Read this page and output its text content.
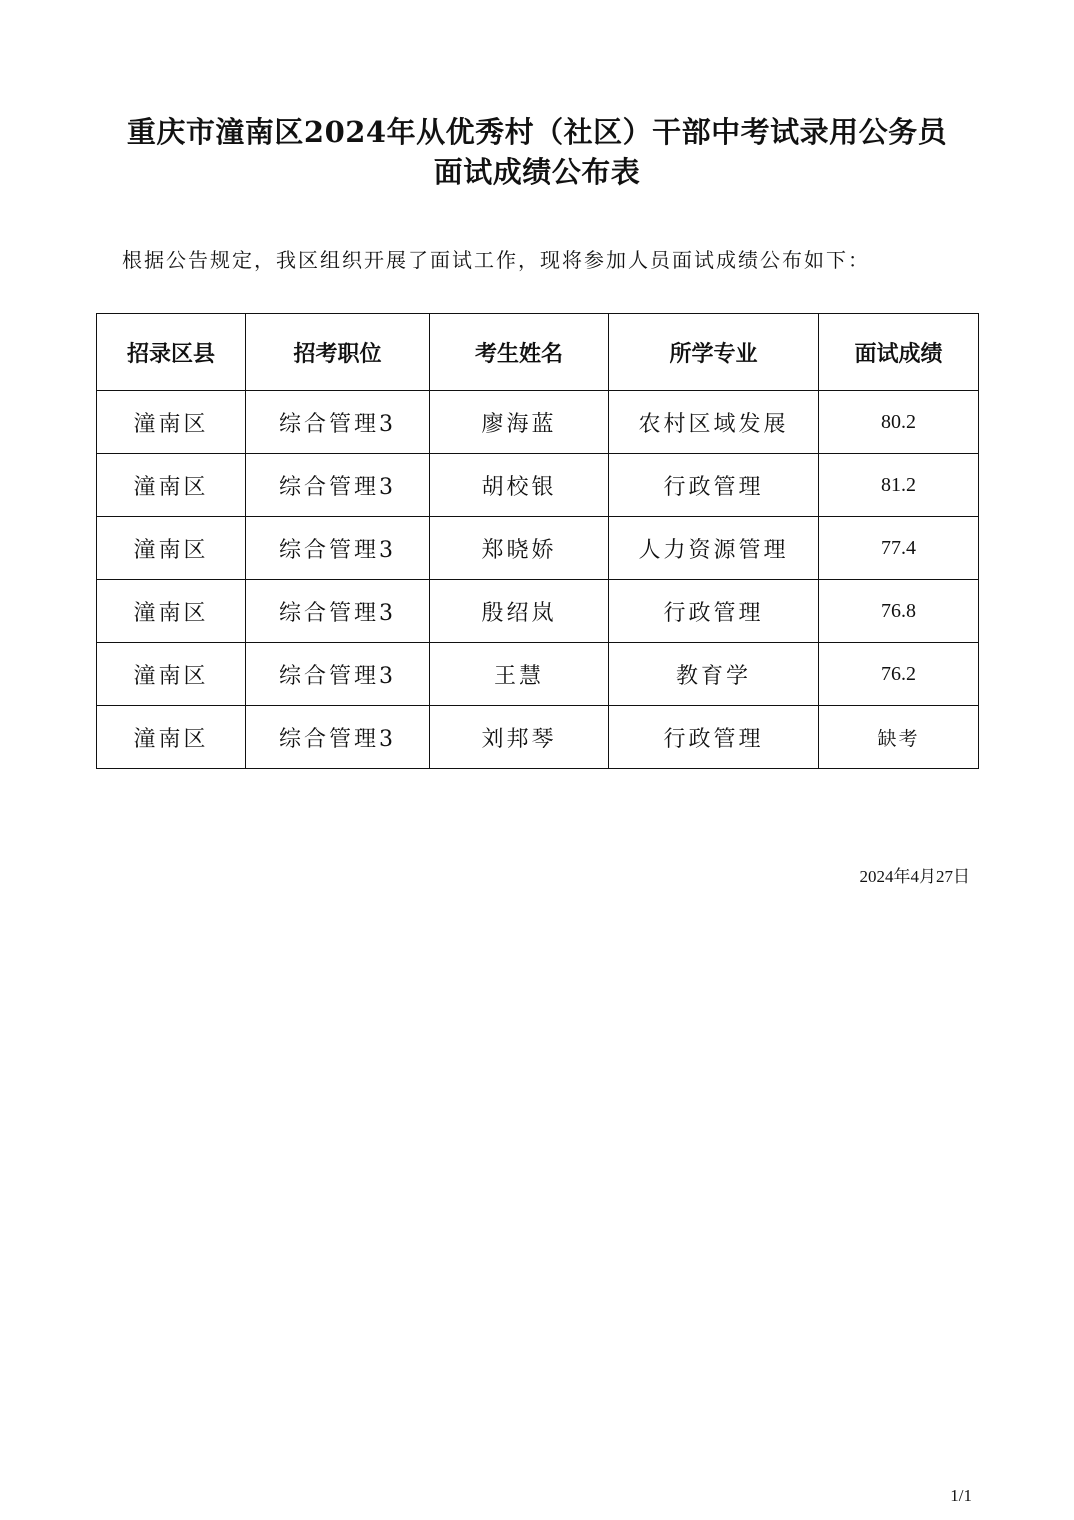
重庆市潼南区2024年从优秀村（社区）干部中考试录用公务员
面试成绩公布表
根据公告规定，我区组织开展了面试工作，现将参加人员面试成绩公布如下：
招录区县	招考职位	考生姓名	所学专业	面试成绩
潼南区	综合管理3	廖海蓝	农村区域发展	80.2
潼南区	综合管理3	胡校银	行政管理	81.2
潼南区	综合管理3	郑晓娇	人力资源管理	77.4
潼南区	综合管理3	殷绍岚	行政管理	76.8
潼南区	综合管理3	王慧	教育学	76.2
潼南区	综合管理3	刘邦琴	行政管理	缺考
2024年4月27日
1/1
